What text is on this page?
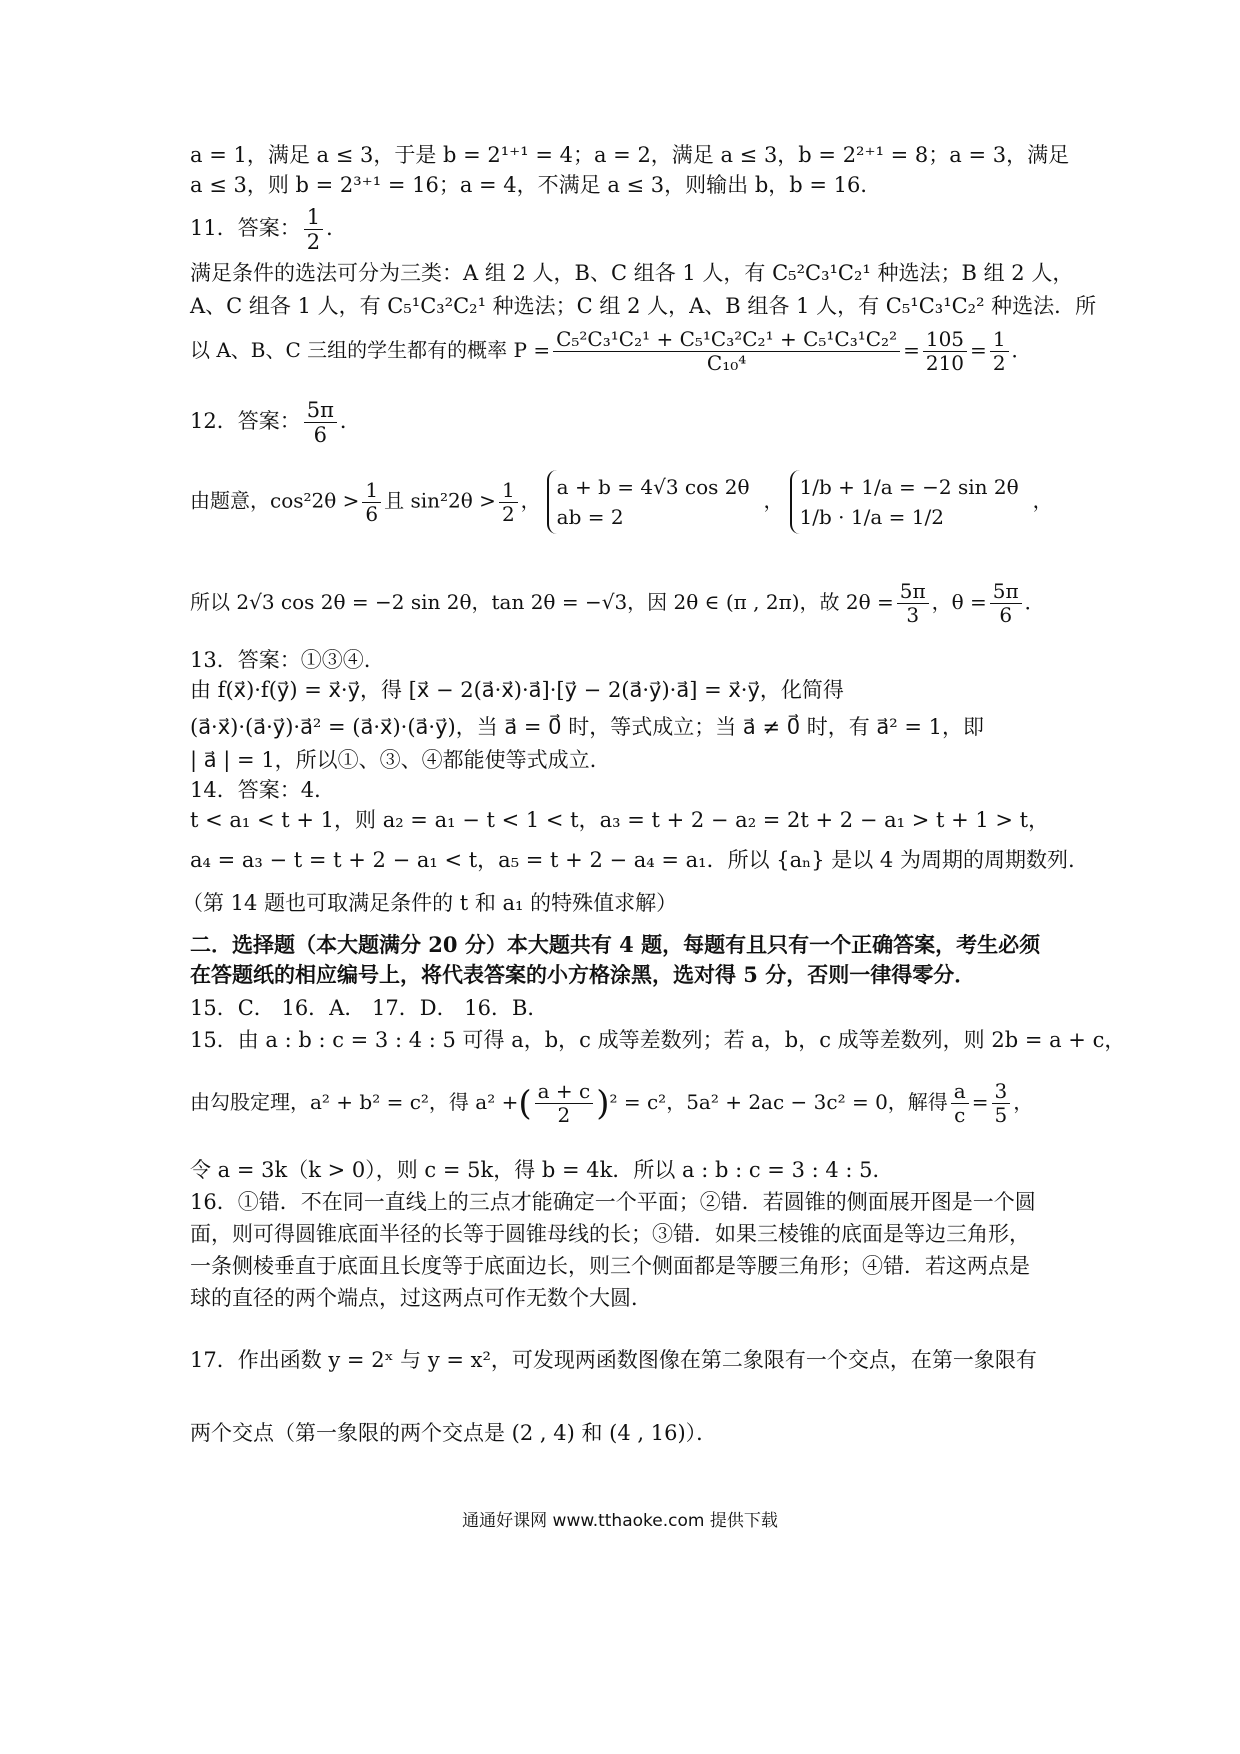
a = 1，满足 a ≤ 3，于是 b = 2¹⁺¹ = 4；a = 2，满足 a ≤ 3，b = 2²⁺¹ = 8；a = 3，满足
a ≤ 3，则 b = 2³⁺¹ = 16；a = 4，不满足 a ≤ 3，则输出 b，b = 16．
11．答案： $\frac{1}{2}$ ．
满足条件的选法可分为三类：A 组 2 人，B、C 组各 1 人，有 C₅²C₃¹C₂¹ 种选法；B 组 2 人，
A、C 组各 1 人，有 C₅¹C₃²C₂¹ 种选法；C 组 2 人，A、B 组各 1 人，有 C₅¹C₃¹C₂² 种选法．所
以 A、B、C 三组的学生都有的概率 $P = \frac{\text{C₅²C₃¹C₂¹ + C₅¹C₃²C₂¹ + C₅¹C₃¹C₂²}}{\text{C₁₀⁴}} = \frac{105}{210} = \frac{1}{2}$ ．
12．答案： $\frac{5\pi}{6}$ ．
由题意，$\cos^22\theta > \frac{1}{6}$ 且 $\sin^22\theta > \frac{1}{2}$ ，
a + b = 4√3 cos 2θ
ab = 2
，
1/b + 1/a = −2 sin 2θ
1/b · 1/a = 1/2
，
所以 2√3 cos 2θ = −2 sin 2θ，tan 2θ = −√3，因 2θ ∈ (π , 2π)，故 $2\theta = \frac{5\pi}{3}$ ，$\theta = \frac{5\pi}{6}$ ．
13．答案：①③④.
由 f(x⃗)·f(y⃗) = x⃗·y⃗，得 [x⃗ − 2(a⃗·x⃗)·a⃗]·[y⃗ − 2(a⃗·y⃗)·a⃗] = x⃗·y⃗，化简得
(a⃗·x⃗)·(a⃗·y⃗)·a⃗² = (a⃗·x⃗)·(a⃗·y⃗)，当 a⃗ = 0⃗ 时，等式成立；当 a⃗ ≠ 0⃗ 时，有 a⃗² = 1，即
| a⃗ | = 1，所以①、③、④都能使等式成立.
14．答案：4．
t < a₁ < t + 1，则 a₂ = a₁ − t < 1 < t，a₃ = t + 2 − a₂ = 2t + 2 − a₁ > t + 1 > t，
a₄ = a₃ − t = t + 2 − a₁ < t，a₅ = t + 2 − a₄ = a₁．所以 {aₙ} 是以 4 为周期的周期数列.
（第 14 题也可取满足条件的 t 和 a₁ 的特殊值求解）
二．选择题（本大题满分 20 分）本大题共有 4 题，每题有且只有一个正确答案，考生必须
在答题纸的相应编号上，将代表答案的小方格涂黑，选对得 5 分，否则一律得零分．
15．C． 16．A． 17．D． 16．B．
15．由 a : b : c = 3 : 4 : 5 可得 a，b，c 成等差数列；若 a，b，c 成等差数列，则 2b = a + c，
由勾股定理，a² + b² = c²，得 a² +( $\frac{a + c}{2} )^2 = c^2$，5a² + 2ac − 3c² = 0，解得 $\frac{a}{c} = \frac{3}{5}$ ，
令 a = 3k（k > 0），则 c = 5k，得 b = 4k．所以 a : b : c = 3 : 4 : 5．
16．①错．不在同一直线上的三点才能确定一个平面；②错．若圆锥的侧面展开图是一个圆
面，则可得圆锥底面半径的长等于圆锥母线的长；③错．如果三棱锥的底面是等边三角形，
一条侧棱垂直于底面且长度等于底面边长，则三个侧面都是等腰三角形；④错．若这两点是
球的直径的两个端点，过这两点可作无数个大圆．
17．作出函数 y = 2ˣ 与 y = x²，可发现两函数图像在第二象限有一个交点，在第一象限有
两个交点（第一象限的两个交点是 (2 , 4) 和 (4 , 16)）．
通通好课网 www.tthaoke.com 提供下载
